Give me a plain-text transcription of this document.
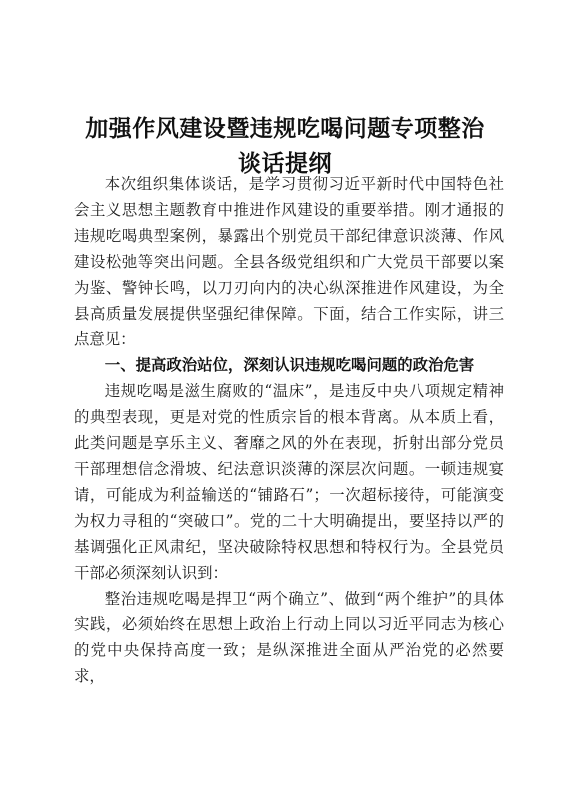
加强作风建设暨违规吃喝问题专项整治
谈话提纲

本次组织集体谈话，是学习贯彻习近平新时代中国特色社会主义思想主题教育中推进作风建设的重要举措。刚才通报的违规吃喝典型案例，暴露出个别党员干部纪律意识淡薄、作风建设松弛等突出问题。全县各级党组织和广大党员干部要以案为鉴、警钟长鸣，以刀刃向内的决心纵深推进作风建设，为全县高质量发展提供坚强纪律保障。下面，结合工作实际，讲三点意见：

一、提高政治站位，深刻认识违规吃喝问题的政治危害

违规吃喝是滋生腐败的“温床”，是违反中央八项规定精神的典型表现，更是对党的性质宗旨的根本背离。从本质上看，此类问题是享乐主义、奢靡之风的外在表现，折射出部分党员干部理想信念滑坡、纪法意识淡薄的深层次问题。一顿违规宴请，可能成为利益输送的“铺路石”；一次超标接待，可能演变为权力寻租的“突破口”。党的二十大明确提出，要坚持以严的基调强化正风肃纪，坚决破除特权思想和特权行为。全县党员干部必须深刻认识到：

整治违规吃喝是捍卫“两个确立”、做到“两个维护”的具体实践，必须始终在思想上政治上行动上同以习近平同志为核心的党中央保持高度一致；是纵深推进全面从严治党的必然要求，
